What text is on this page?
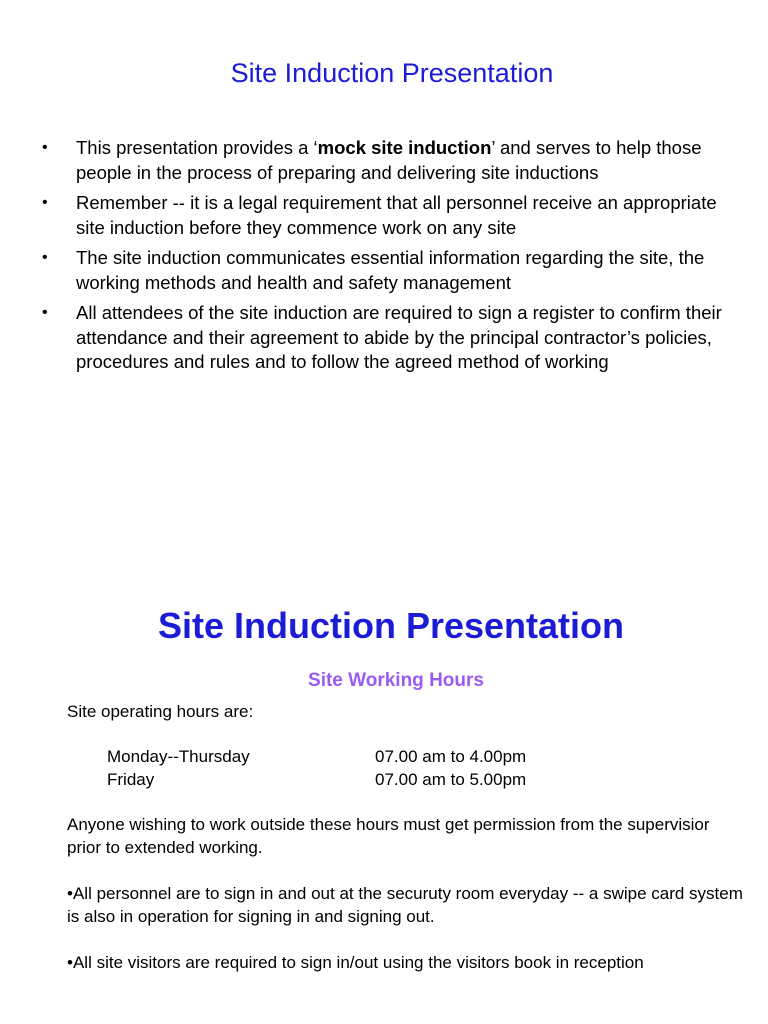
Site Induction Presentation
• This presentation provides a ‘mock site induction’ and serves to help those people in the process of preparing and delivering site inductions
• Remember -- it is a legal requirement that all personnel receive an appropriate site induction before they commence work on any site
• The site induction communicates essential information regarding the site, the working methods and health and safety management
• All attendees of the site induction are required to sign a register to confirm their attendance and their agreement to abide by the principal contractor’s policies, procedures and rules and to follow the agreed method of working
Site Induction Presentation
Site Working Hours

Site operating hours are:

Monday--Thursday	07.00 am to 4.00pm
Friday	07.00 am to 5.00pm

Anyone wishing to work outside these hours must get permission from the supervisior prior to extended working.

•All personnel are to sign in and out at the securuty room everyday -- a swipe card system is also in operation for signing in and signing out.

•All site visitors are required to sign in/out using the visitors book in reception
